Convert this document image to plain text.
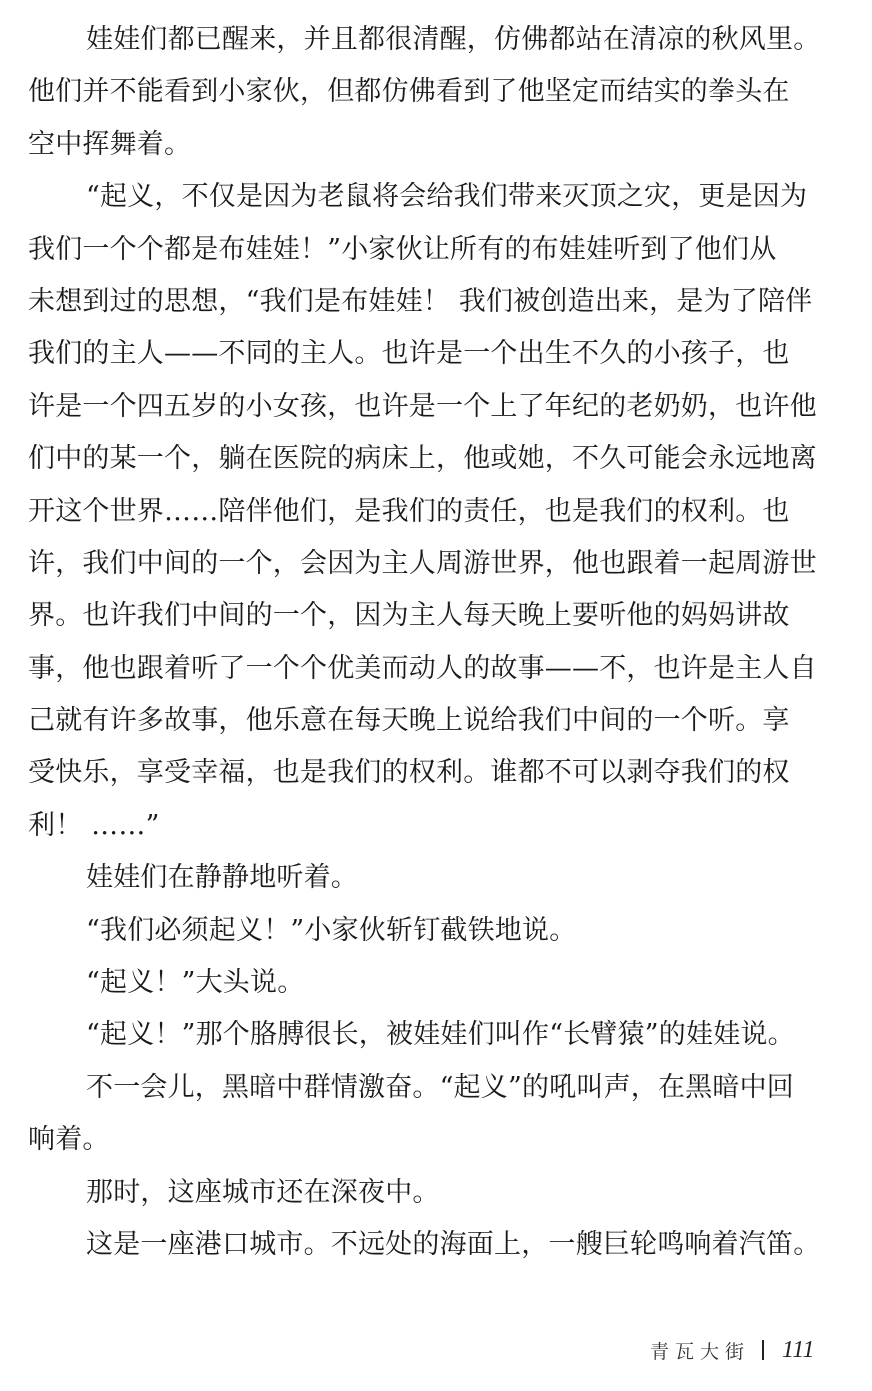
娃娃们都已醒来，并且都很清醒，仿佛都站在清凉的秋风里。
他们并不能看到小家伙，但都仿佛看到了他坚定而结实的拳头在
空中挥舞着。
“起义，不仅是因为老鼠将会给我们带来灭顶之灾，更是因为
我们一个个都是布娃娃！”小家伙让所有的布娃娃听到了他们从
未想到过的思想，“我们是布娃娃！ 我们被创造出来，是为了陪伴
我们的主人——不同的主人。也许是一个出生不久的小孩子，也
许是一个四五岁的小女孩，也许是一个上了年纪的老奶奶，也许他
们中的某一个，躺在医院的病床上，他或她，不久可能会永远地离
开这个世界……陪伴他们，是我们的责任，也是我们的权利。也
许，我们中间的一个，会因为主人周游世界，他也跟着一起周游世
界。也许我们中间的一个，因为主人每天晚上要听他的妈妈讲故
事，他也跟着听了一个个优美而动人的故事——不，也许是主人自
己就有许多故事，他乐意在每天晚上说给我们中间的一个听。享
受快乐，享受幸福，也是我们的权利。谁都不可以剥夺我们的权
利！ ……”
娃娃们在静静地听着。
“我们必须起义！”小家伙斩钉截铁地说。
“起义！”大头说。
“起义！”那个胳膊很长，被娃娃们叫作“长臂猿”的娃娃说。
不一会儿，黑暗中群情激奋。“起义”的吼叫声，在黑暗中回
响着。
那时，这座城市还在深夜中。
这是一座港口城市。不远处的海面上，一艘巨轮鸣响着汽笛。
青瓦大街 111
